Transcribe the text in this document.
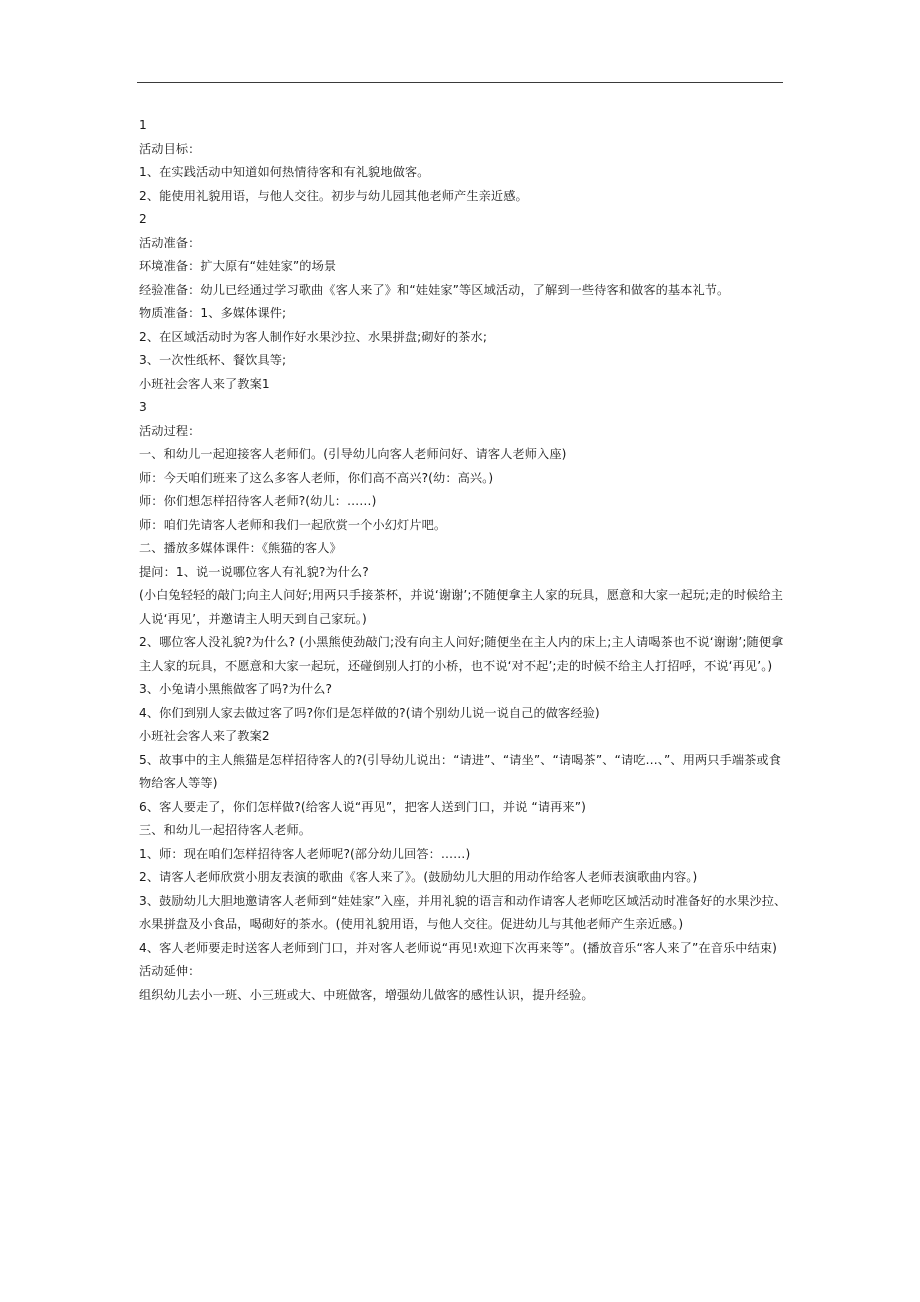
1

活动目标：

1、在实践活动中知道如何热情待客和有礼貌地做客。

2、能使用礼貌用语，与他人交往。初步与幼儿园其他老师产生亲近感。

2

活动准备：

环境准备：扩大原有“娃娃家”的场景

经验准备：幼儿已经通过学习歌曲《客人来了》和“娃娃家”等区域活动，了解到一些待客和做客的基本礼节。

物质准备：1、多媒体课件;

2、在区域活动时为客人制作好水果沙拉、水果拼盘;砌好的茶水;

3、一次性纸杯、餐饮具等;

小班社会客人来了教案1

3

活动过程：

一、和幼儿一起迎接客人老师们。(引导幼儿向客人老师问好、请客人老师入座)

师：今天咱们班来了这么多客人老师，你们高不高兴?(幼：高兴。)

师：你们想怎样招待客人老师?(幼儿：……)

师：咱们先请客人老师和我们一起欣赏一个小幻灯片吧。

二、播放多媒体课件：《熊猫的客人》

提问：1、说一说哪位客人有礼貌?为什么?

(小白兔轻轻的敲门;向主人问好;用两只手接茶杯，并说‘谢谢’;不随便拿主人家的玩具，愿意和大家一起玩;走的时候给主

人说‘再见’，并邀请主人明天到自己家玩。)

2、哪位客人没礼貌?为什么? (小黑熊使劲敲门;没有向主人问好;随便坐在主人内的床上;主人请喝茶也不说‘谢谢’;随便拿

主人家的玩具，不愿意和大家一起玩，还碰倒别人打的小桥，也不说‘对不起’;走的时候不给主人打招呼，不说‘再见’。)

3、小兔请小黑熊做客了吗?为什么?

4、你们到别人家去做过客了吗?你们是怎样做的?(请个别幼儿说一说自己的做客经验)

小班社会客人来了教案2

5、故事中的主人熊猫是怎样招待客人的?(引导幼儿说出：“请进”、“请坐”、“请喝茶”、“请吃…、”、用两只手端茶或食

物给客人等等)

6、客人要走了，你们怎样做?(给客人说“再见”，把客人送到门口，并说 “请再来”)

三、和幼儿一起招待客人老师。

1、师：现在咱们怎样招待客人老师呢?(部分幼儿回答：……)

2、请客人老师欣赏小朋友表演的歌曲《客人来了》。(鼓励幼儿大胆的用动作给客人老师表演歌曲内容。)

3、鼓励幼儿大胆地邀请客人老师到“娃娃家”入座，并用礼貌的语言和动作请客人老师吃区域活动时准备好的水果沙拉、

水果拼盘及小食品，喝砌好的茶水。(使用礼貌用语，与他人交往。促进幼儿与其他老师产生亲近感。)

4、客人老师要走时送客人老师到门口，并对客人老师说“再见!欢迎下次再来等”。(播放音乐“客人来了”在音乐中结束)

活动延伸：

组织幼儿去小一班、小三班或大、中班做客，增强幼儿做客的感性认识，提升经验。
